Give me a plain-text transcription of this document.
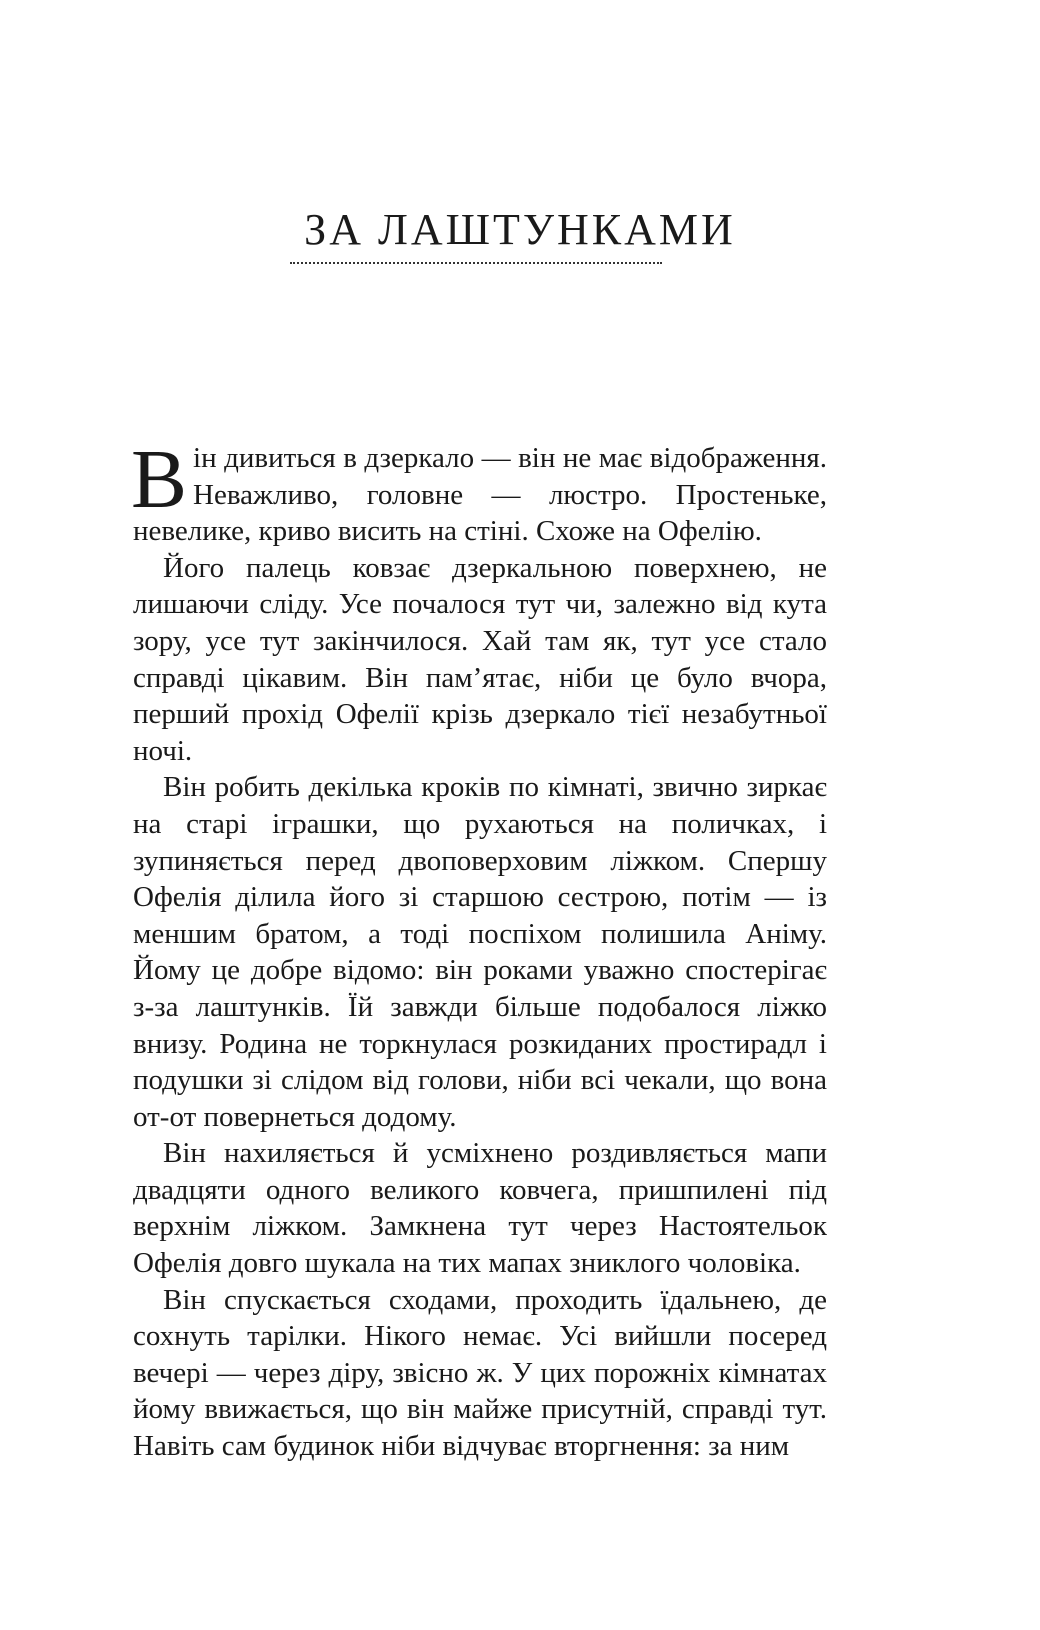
ЗА ЛАШТУНКАМИ

Він дивиться в дзеркало — він не має відображення. Неважливо, головне — люстро. Простеньке, невелике, криво висить на стіні. Схоже на Офелію.

Його палець ковзає дзеркальною поверхнею, не лишаючи сліду. Усе почалося тут чи, залежно від кута зору, усе тут закінчилося. Хай там як, тут усе стало справді цікавим. Він пам’ятає, ніби це було вчора, перший прохід Офелії крізь дзеркало тієї незабутньої ночі.

Він робить декілька кроків по кімнаті, звично зиркає на старі іграшки, що рухаються на поличках, і зупиняється перед двоповерховим ліжком. Спершу Офелія ділила його зі старшою сестрою, потім — із меншим братом, а тоді поспіхом полишила Аніму. Йому це добре відомо: він роками уважно спостерігає з-за лаштунків. Їй завжди більше подобалося ліжко внизу. Родина не торкнулася розкиданих простирадл і подушки зі слідом від голови, ніби всі чекали, що вона от-от повернеться додому.

Він нахиляється й усміхнено роздивляється мапи двадцяти одного великого ковчега, пришпилені під верхнім ліжком. Замкнена тут через Настоятельок Офелія довго шукала на тих мапах зниклого чоловіка.

Він спускається сходами, проходить їдальнею, де сохнуть тарілки. Нікого немає. Усі вийшли посеред вечері — через діру, звісно ж. У цих порожніх кімнатах йому ввижається, що він майже присутній, справді тут. Навіть сам будинок ніби відчуває вторгнення: за ним
